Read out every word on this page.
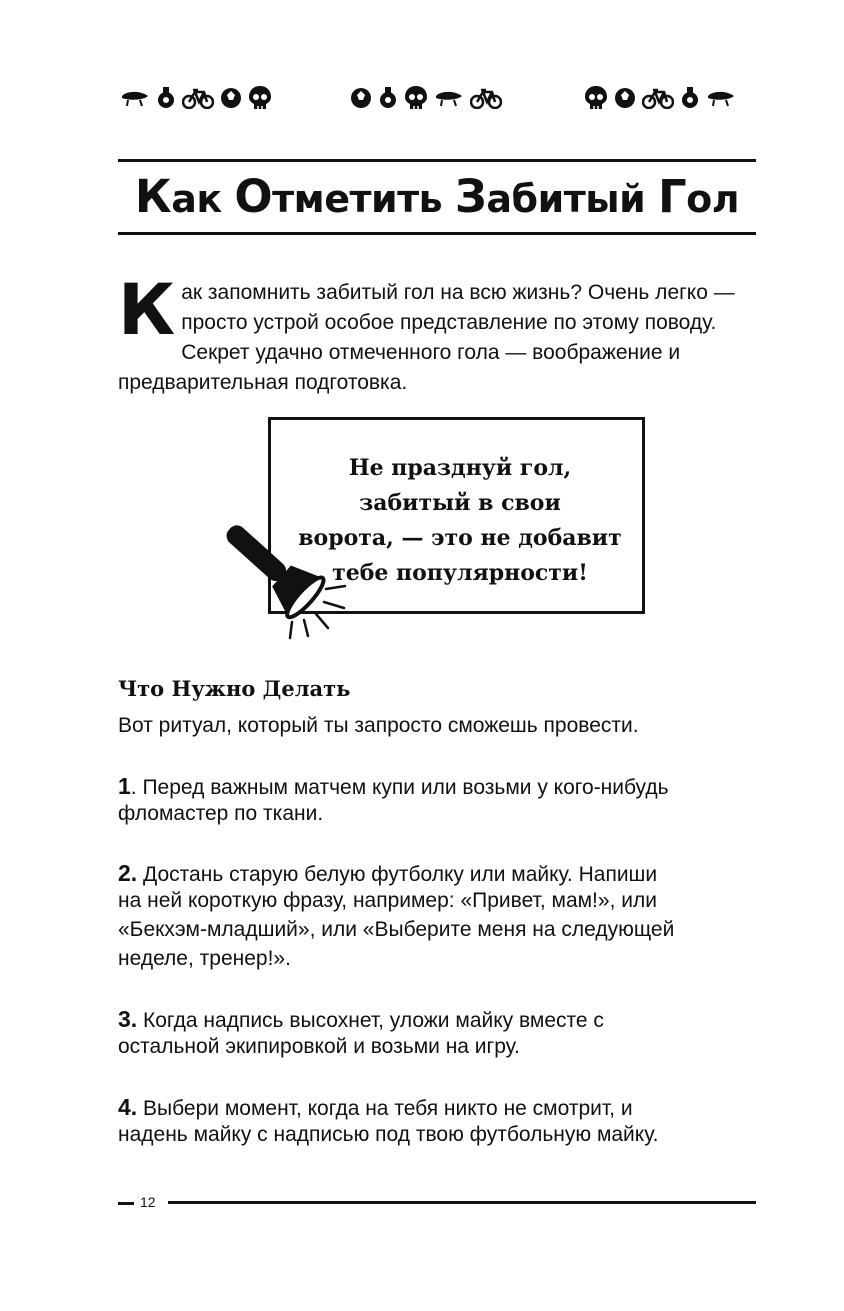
Как Отметить Забитый Гол
Как запомнить забитый гол на всю жизнь? Очень легко — просто устрой особое представление по этому поводу. Секрет удачно отмеченного гола — воображение и предварительная подготовка.
Не празднуй гол,
забитый в свои
ворота, — это не добавит
тебе популярности!
Что Нужно Делать
Вот ритуал, который ты запросто сможешь провести.
1. Перед важным матчем купи или возьми у кого-нибудь
фломастер по ткани.
2. Достань старую белую футболку или майку. Напиши
на ней короткую фразу, например: «Привет, мам!», или
«Бекхэм-младший», или «Выберите меня на следующей
неделе, тренер!».
3. Когда надпись высохнет, уложи майку вместе с
остальной экипировкой и возьми на игру.
4. Выбери момент, когда на тебя никто не смотрит, и
надень майку с надписью под твою футбольную майку.
12
